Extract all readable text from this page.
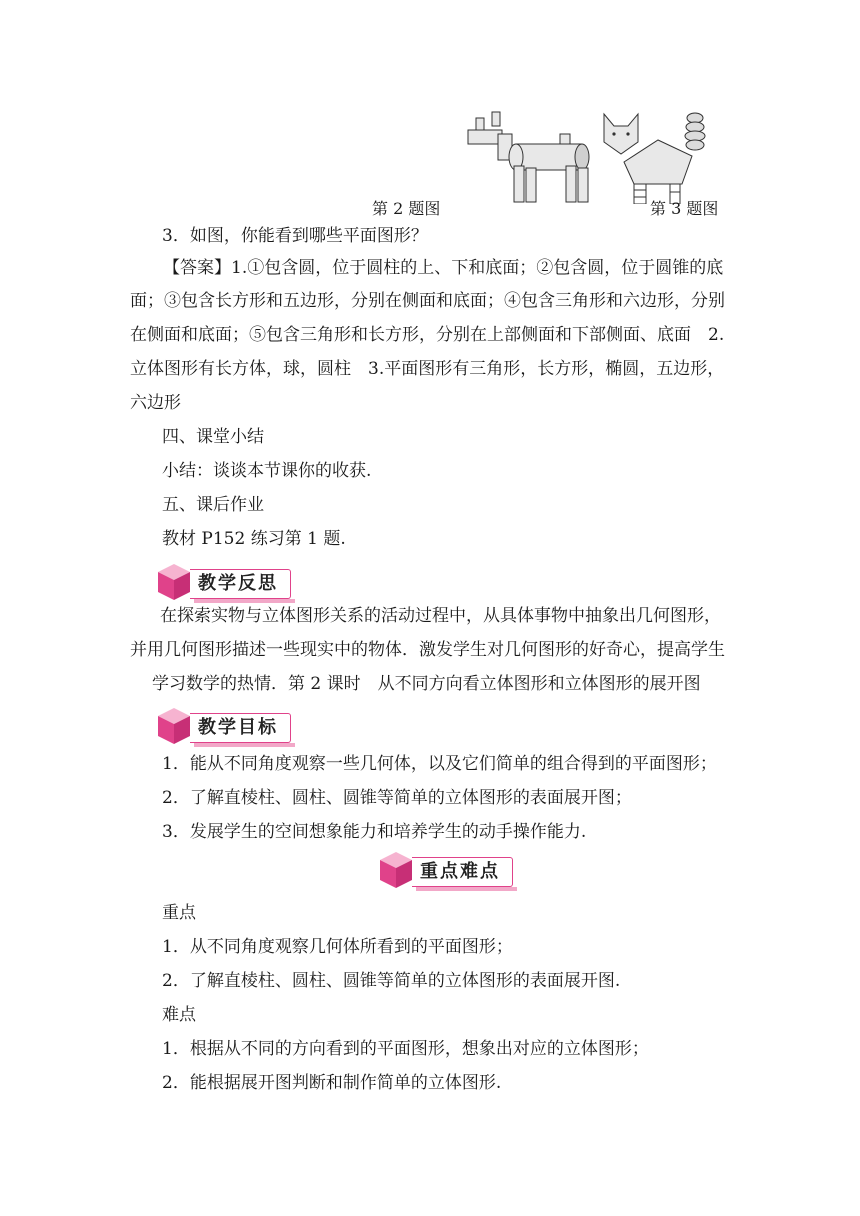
第 2 题图	第 3 题图
3．如图，你能看到哪些平面图形？
【答案】1.①包含圆，位于圆柱的上、下和底面；②包含圆，位于圆锥的底
面；③包含长方形和五边形，分别在侧面和底面；④包含三角形和六边形，分别
在侧面和底面；⑤包含三角形和长方形，分别在上部侧面和下部侧面、底面　2.
立体图形有长方体，球，圆柱　3.平面图形有三角形，长方形，椭圆，五边形，
六边形
四、课堂小结
小结：谈谈本节课你的收获.
五、课后作业
教材 P152 练习第 1 题.
教学反思
在探索实物与立体图形关系的活动过程中，从具体事物中抽象出几何图形，
并用几何图形描述一些现实中的物体．激发学生对几何图形的好奇心，提高学生
学习数学的热情．第 2 课时　从不同方向看立体图形和立体图形的展开图
教学目标
1．能从不同角度观察一些几何体，以及它们简单的组合得到的平面图形；
2．了解直棱柱、圆柱、圆锥等简单的立体图形的表面展开图；
3．发展学生的空间想象能力和培养学生的动手操作能力.
重点难点
重点
1．从不同角度观察几何体所看到的平面图形；
2．了解直棱柱、圆柱、圆锥等简单的立体图形的表面展开图.
难点
1．根据从不同的方向看到的平面图形，想象出对应的立体图形；
2．能根据展开图判断和制作简单的立体图形.
